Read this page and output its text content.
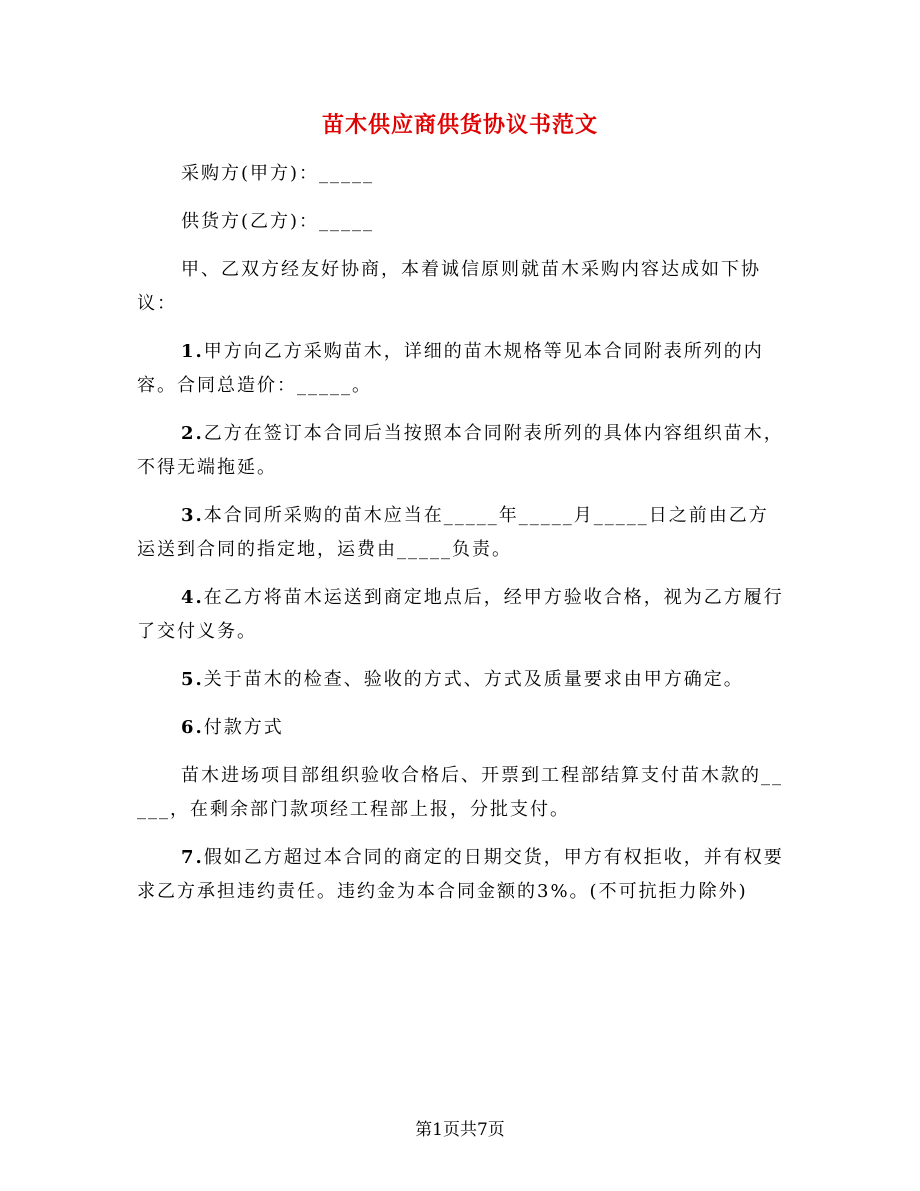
苗木供应商供货协议书范文

采购方(甲方)：_____

供货方(乙方)：_____

甲、乙双方经友好协商，本着诚信原则就苗木采购内容达成如下协议：

1.甲方向乙方采购苗木，详细的苗木规格等见本合同附表所列的内容。合同总造价：_____。

2.乙方在签订本合同后当按照本合同附表所列的具体内容组织苗木，不得无端拖延。

3.本合同所采购的苗木应当在_____年_____月_____日之前由乙方运送到合同的指定地，运费由_____负责。

4.在乙方将苗木运送到商定地点后，经甲方验收合格，视为乙方履行了交付义务。

5.关于苗木的检查、验收的方式、方式及质量要求由甲方确定。

6.付款方式

苗木进场项目部组织验收合格后、开票到工程部结算支付苗木款的_____，在剩余部门款项经工程部上报，分批支付。

7.假如乙方超过本合同的商定的日期交货，甲方有权拒收，并有权要求乙方承担违约责任。违约金为本合同金额的3%。(不可抗拒力除外)

第1页共7页
